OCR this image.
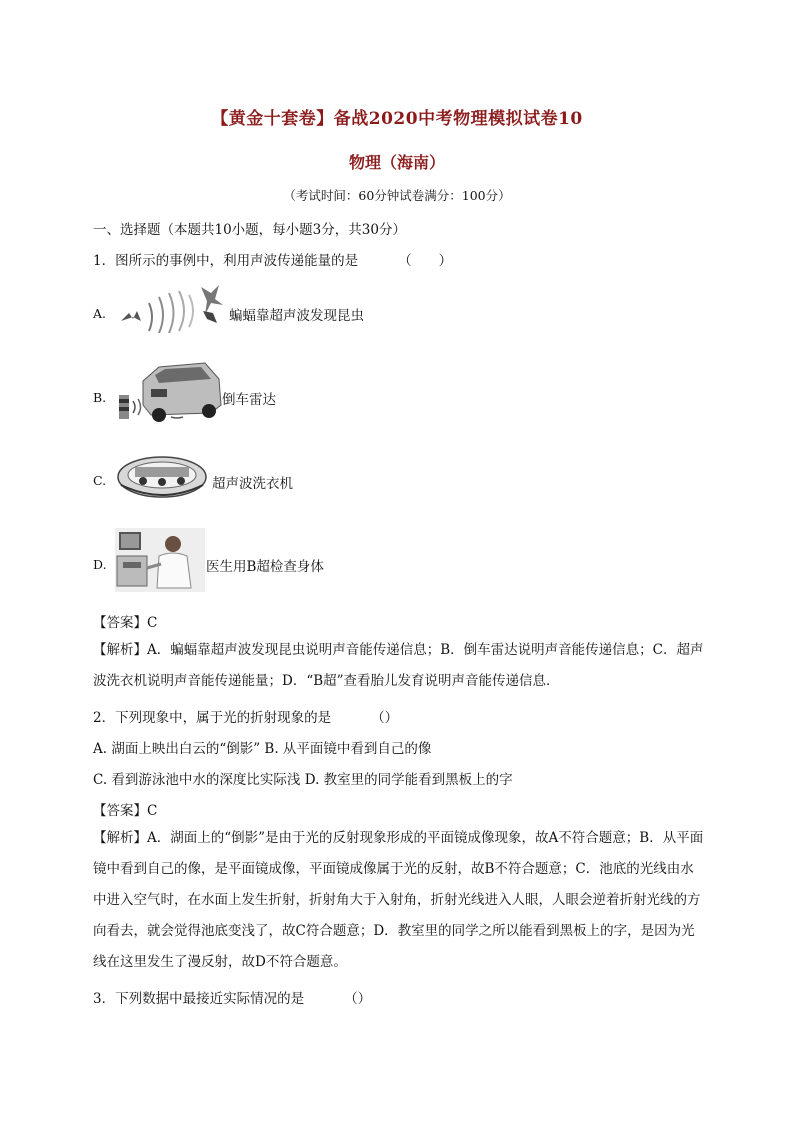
【黄金十套卷】备战2020中考物理模拟试卷10
物理（海南）
（考试时间：60分钟试卷满分：100分）
一、选择题（本题共10小题，每小题3分，共30分）
1．图所示的事例中，利用声波传递能量的是	（　　）
A.	蝙蝠靠超声波发现昆虫
B.	倒车雷达
C.	超声波洗衣机
D.	医生用B超检查身体
【答案】C
【解析】A．蝙蝠靠超声波发现昆虫说明声音能传递信息；B．倒车雷达说明声音能传递信息；C．超声波洗衣机说明声音能传递能量；D．“B超”查看胎儿发育说明声音能传递信息．
2．下列现象中，属于光的折射现象的是	（）
A. 湖面上映出白云的“倒影” B. 从平面镜中看到自己的像
C. 看到游泳池中水的深度比实际浅 D. 教室里的同学能看到黑板上的字
【答案】C
【解析】A．湖面上的“倒影”是由于光的反射现象形成的平面镜成像现象，故A不符合题意；B．从平面镜中看到自己的像，是平面镜成像，平面镜成像属于光的反射，故B不符合题意；C．池底的光线由水中进入空气时，在水面上发生折射，折射角大于入射角，折射光线进入人眼，人眼会逆着折射光线的方向看去，就会觉得池底变浅了，故C符合题意；D．教室里的同学之所以能看到黑板上的字，是因为光线在这里发生了漫反射，故D不符合题意。
3．下列数据中最接近实际情况的是	（）
